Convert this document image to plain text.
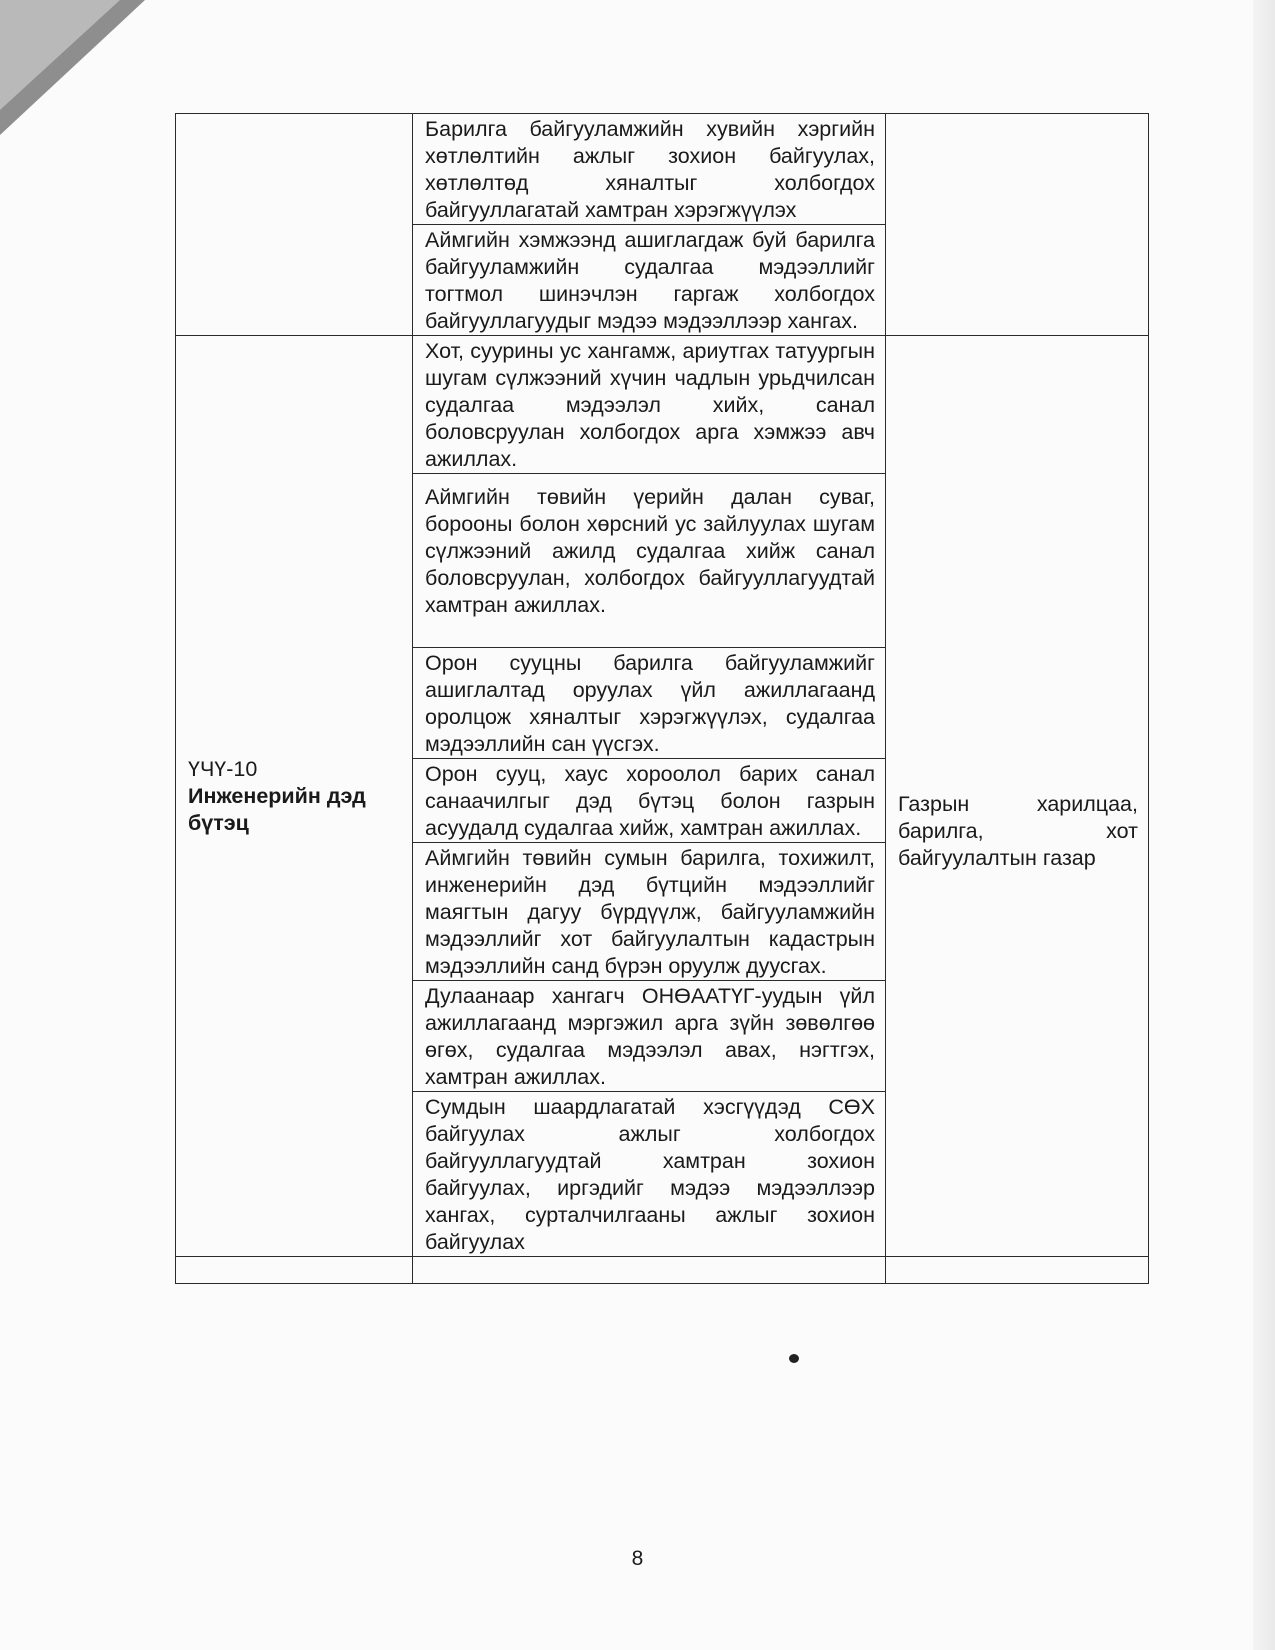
	Барилга байгууламжийн хувийн хэргийн хөтлөлтийн ажлыг зохион байгуулах, хөтлөлтөд хяналтыг холбогдох байгууллагатай хамтран хэрэгжүүлэх	

	Аймгийн хэмжээнд ашиглагдаж буй барилга байгууламжийн судалгаа мэдээллийг тогтмол шинэчлэн гаргаж холбогдох байгууллагуудыг мэдээ мэдээллээр хангах.	

ҮЧҮ-10
Инженерийн дэд бүтэц	Хот, суурины ус хангамж, ариутгах татуургын шугам сүлжээний хүчин чадлын урьдчилсан судалгаа мэдээлэл хийх, санал боловсруулан холбогдох арга хэмжээ авч ажиллах.	Газрын харилцаа, барилга, хот байгуулалтын газар

	Аймгийн төвийн үерийн далан суваг, борооны болон хөрсний ус зайлуулах шугам сүлжээний ажилд судалгаа хийж санал боловсруулан, холбогдох байгууллагуудтай хамтран ажиллах.	

	Орон сууцны барилга байгууламжийг ашиглалтад оруулах үйл ажиллагаанд оролцож хяналтыг хэрэгжүүлэх, судалгаа мэдээллийн сан үүсгэх.	

	Орон сууц, хаус хороолол барих санал санаачилгыг дэд бүтэц болон газрын асуудалд судалгаа хийж, хамтран ажиллах.	

	Аймгийн төвийн сумын барилга, тохижилт, инженерийн дэд бүтцийн мэдээллийг маягтын дагуу бүрдүүлж, байгууламжийн мэдээллийг хот байгуулалтын кадастрын мэдээллийн санд бүрэн оруулж дуусгах.	

	Дулаанаар хангагч ОНӨААТҮГ-уудын үйл ажиллагаанд мэргэжил арга зүйн зөвөлгөө өгөх, судалгаа мэдээлэл авах, нэгтгэх, хамтран ажиллах.	

	Сумдын шаардлагатай хэсгүүдэд СӨХ байгуулах ажлыг холбогдох байгууллагуудтай хамтран зохион байгуулах, иргэдийг мэдээ мэдээллээр хангах, сурталчилгааны ажлыг зохион байгуулах	

8
